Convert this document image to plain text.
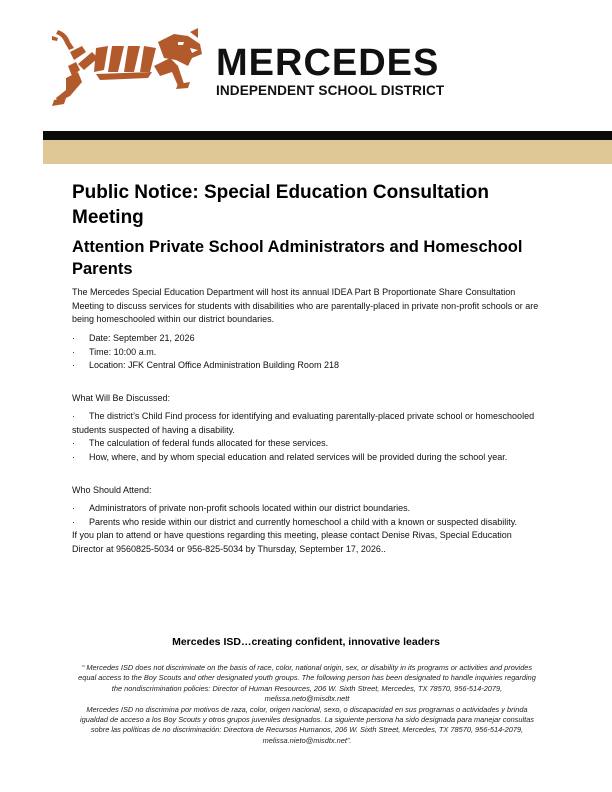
MERCEDES
INDEPENDENT SCHOOL DISTRICT
Public Notice: Special Education Consultation Meeting
Attention Private School Administrators and Homeschool Parents
The Mercedes Special Education Department will host its annual IDEA Part B Proportionate Share Consultation Meeting to discuss services for students with disabilities who are parentally-placed in private non-profit schools or are being homeschooled within our district boundaries.
· Date: September 21, 2026
· Time: 10:00 a.m.
· Location: JFK Central Office Administration Building Room 218
What Will Be Discussed:
· The district’s Child Find process for identifying and evaluating parentally-placed private school or homeschooled students suspected of having a disability.
· The calculation of federal funds allocated for these services.
· How, where, and by whom special education and related services will be provided during the school year.
Who Should Attend:
· Administrators of private non-profit schools located within our district boundaries.
· Parents who reside within our district and currently homeschool a child with a known or suspected disability.
If you plan to attend or have questions regarding this meeting, please contact Denise Rivas, Special Education Director at 9560825-5034 or 956-825-5034 by Thursday, September 17, 2026..
Mercedes ISD…creating confident, innovative leaders
“ Mercedes ISD does not discriminate on the basis of race, color, national origin, sex, or disability in its programs or activities and provides equal access to the Boy Scouts and other designated youth groups. The following person has been designated to handle inquiries regarding the nondiscrimination policies: Director of Human Resources, 206 W. Sixth Street, Mercedes, TX 78570, 956-514-2079, melissa.neto@misdtx.nett
Mercedes ISD no discrimina por motivos de raza, color, origen nacional, sexo, o discapacidad en sus programas o actividades y brinda igualdad de acceso a los Boy Scouts y otros grupos juveniles designados. La siguiente persona ha sido designada para manejar consultas sobre las políticas de no discriminación: Directora de Recursos Humanos, 206 W. Sixth Street, Mercedes, TX 78570, 956-514-2079, melissa.nieto@misdtx.net”.
